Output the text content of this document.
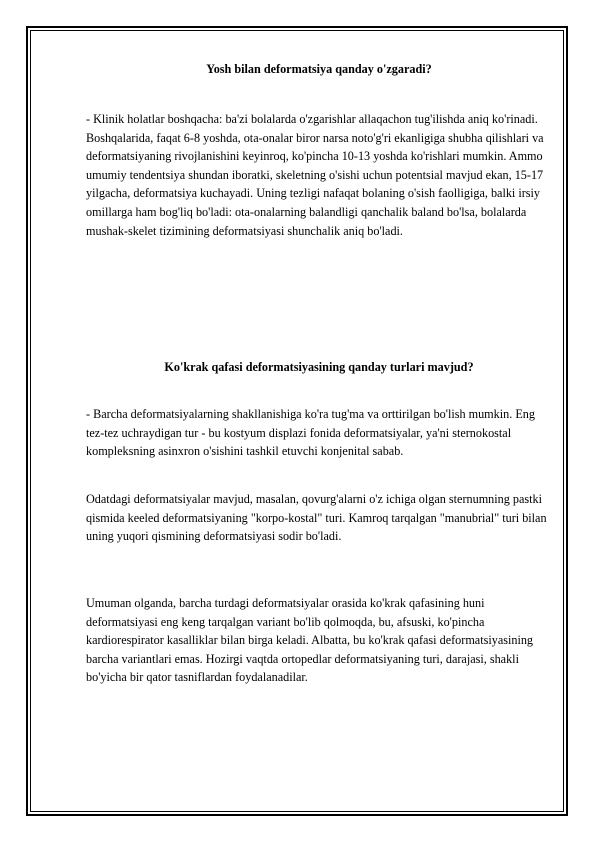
Yosh bilan deformatsiya qanday o'zgaradi?

- Klinik holatlar boshqacha: ba'zi bolalarda o'zgarishlar allaqachon tug'ilishda aniq ko'rinadi. Boshqalarida, faqat 6-8 yoshda, ota-onalar biror narsa noto'g'ri ekanligiga shubha qilishlari va deformatsiyaning rivojlanishini keyinroq, ko'pincha 10-13 yoshda ko'rishlari mumkin. Ammo umumiy tendentsiya shundan iboratki, skeletning o'sishi uchun potentsial mavjud ekan, 15-17 yilgacha, deformatsiya kuchayadi. Uning tezligi nafaqat bolaning o'sish faolligiga, balki irsiy omillarga ham bog'liq bo'ladi: ota-onalarning balandligi qanchalik baland bo'lsa, bolalarda mushak-skelet tizimining deformatsiyasi shunchalik aniq bo'ladi.

Ko'krak qafasi deformatsiyasining qanday turlari mavjud?

- Barcha deformatsiyalarning shakllanishiga ko'ra tug'ma va orttirilgan bo'lish mumkin. Eng tez-tez uchraydigan tur - bu kostyum displazi fonida deformatsiyalar, ya'ni sternokostal kompleksning asinxron o'sishini tashkil etuvchi konjenital sabab.

Odatdagi deformatsiyalar mavjud, masalan, qovurg'alarni o'z ichiga olgan sternumning pastki qismida keeled deformatsiyaning "korpo-kostal" turi. Kamroq tarqalgan "manubrial" turi bilan uning yuqori qismining deformatsiyasi sodir bo'ladi.

Umuman olganda, barcha turdagi deformatsiyalar orasida ko'krak qafasining huni deformatsiyasi eng keng tarqalgan variant bo'lib qolmoqda, bu, afsuski, ko'pincha kardiorespirator kasalliklar bilan birga keladi. Albatta, bu ko'krak qafasi deformatsiyasining barcha variantlari emas. Hozirgi vaqtda ortopedlar deformatsiyaning turi, darajasi, shakli bo'yicha bir qator tasniflardan foydalanadilar.
